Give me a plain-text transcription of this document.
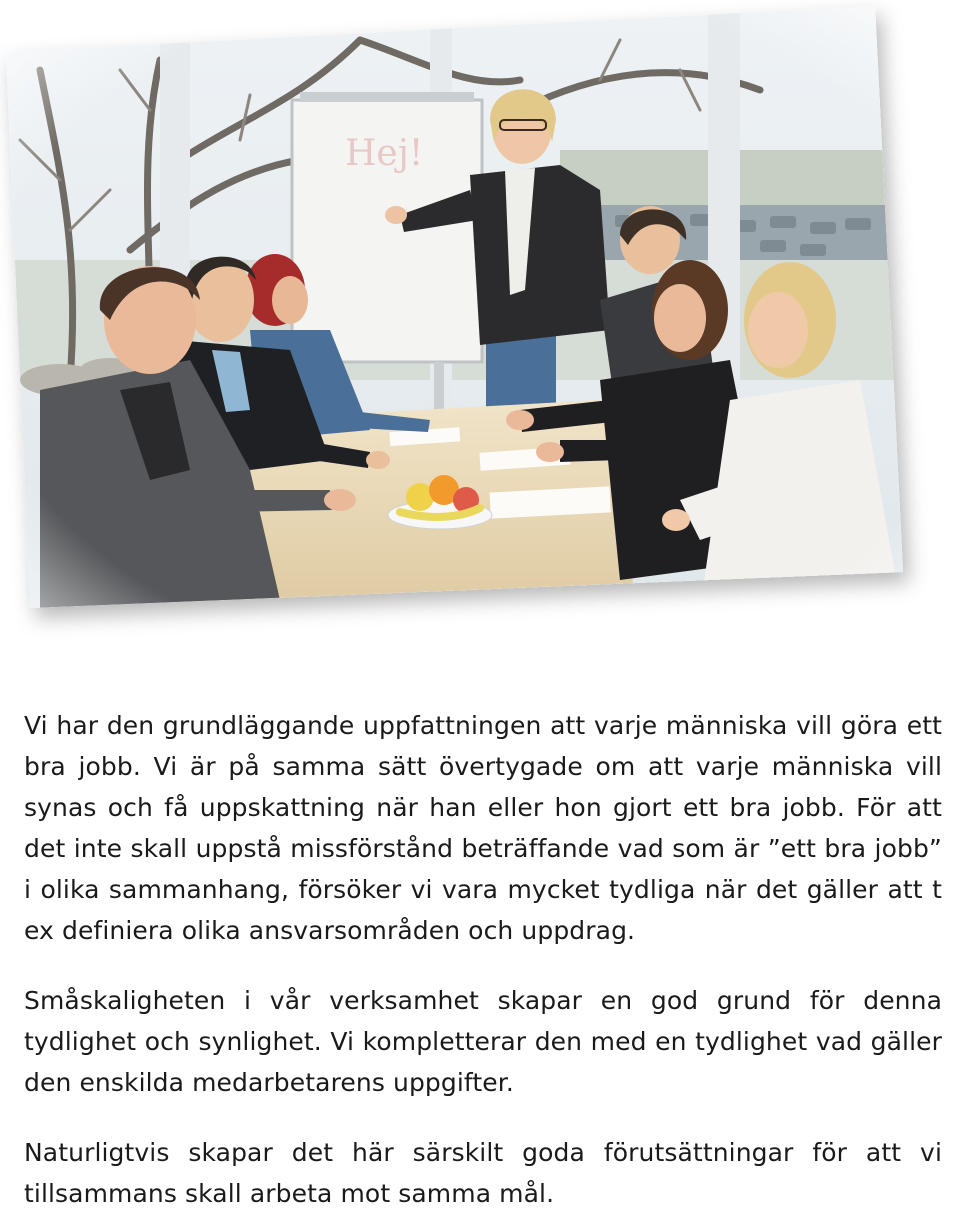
Vi har den grundläggande uppfattningen att varje människa vill göra ett bra jobb. Vi är på samma sätt övertygade om att varje människa vill synas och få uppskattning när han eller hon gjort ett bra jobb. För att det inte skall uppstå missförstånd beträffande vad som är ”ett bra jobb” i olika sammanhang, försöker vi vara mycket tydliga när det gäller att t ex definiera olika ansvarsområden och uppdrag.

Småskaligheten i vår verksamhet skapar en god grund för denna tydlighet och synlighet. Vi kompletterar den med en tydlighet vad gäller den enskilda medarbetarens uppgifter.

Naturligtvis skapar det här särskilt goda förutsättningar för att vi tillsammans skall arbeta mot samma mål.
